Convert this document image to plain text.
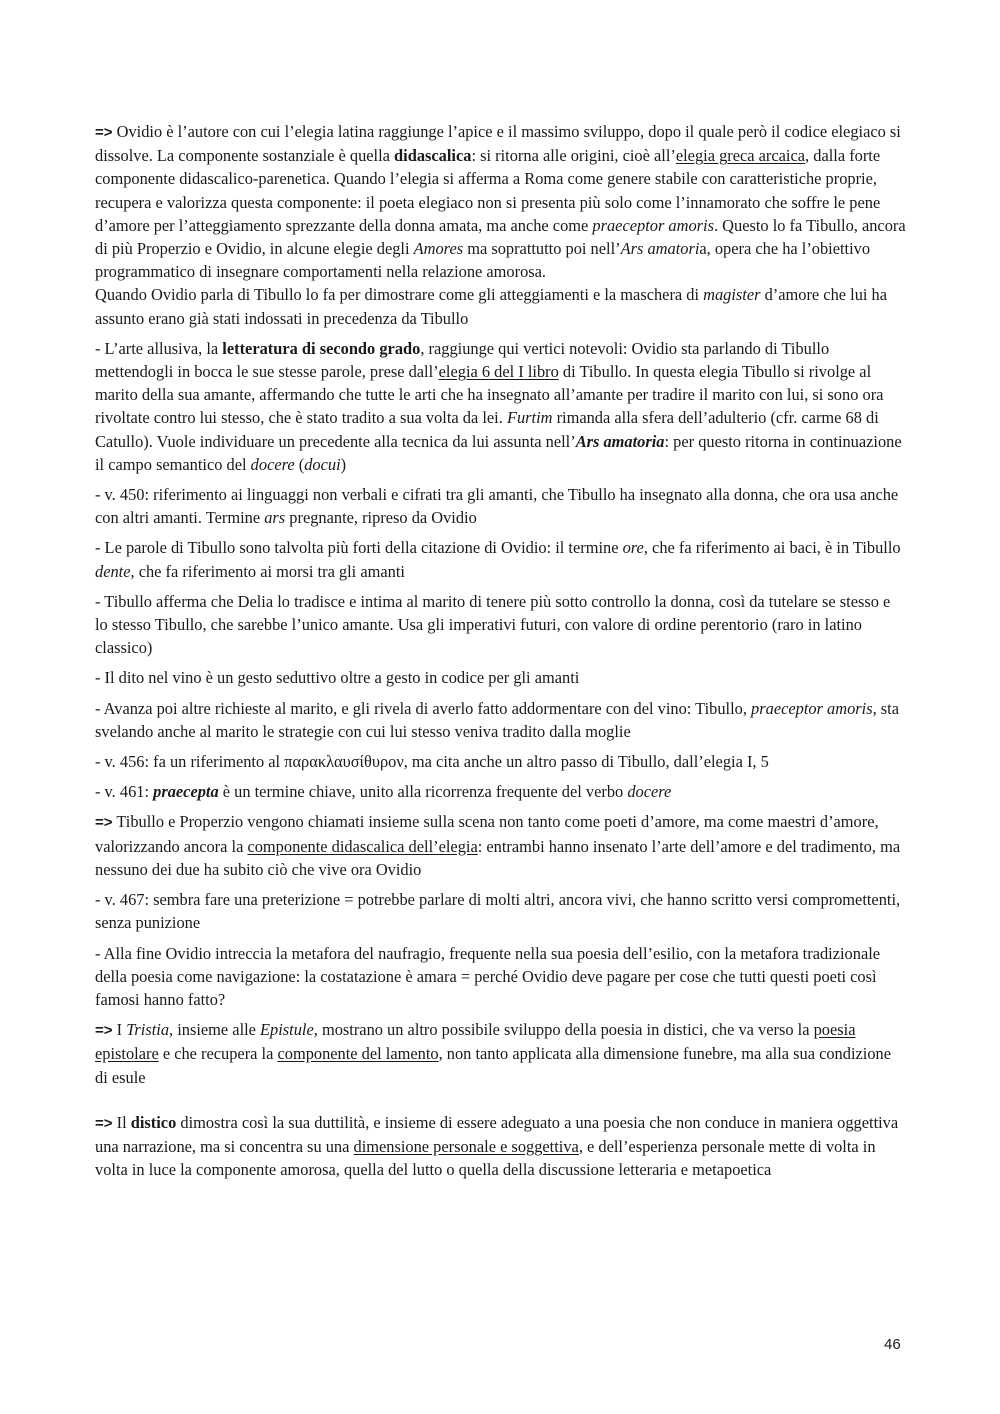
=> Ovidio è l’autore con cui l’elegia latina raggiunge l’apice e il massimo sviluppo, dopo il quale però il codice elegiaco si dissolve. La componente sostanziale è quella didascalica: si ritorna alle origini, cioè all’elegia greca arcaica, dalla forte componente didascalico-parenetica. Quando l’elegia si afferma a Roma come genere stabile con caratteristiche proprie, recupera e valorizza questa componente: il poeta elegiaco non si presenta più solo come l’innamorato che soffre le pene d’amore per l’atteggiamento sprezzante della donna amata, ma anche come praeceptor amoris. Questo lo fa Tibullo, ancora di più Properzio e Ovidio, in alcune elegie degli Amores ma soprattutto poi nell’Ars amatoria, opera che ha l’obiettivo programmatico di insegnare comportamenti nella relazione amorosa.
Quando Ovidio parla di Tibullo lo fa per dimostrare come gli atteggiamenti e la maschera di magister d’amore che lui ha assunto erano già stati indossati in precedenza da Tibullo
- L’arte allusiva, la letteratura di secondo grado, raggiunge qui vertici notevoli: Ovidio sta parlando di Tibullo mettendogli in bocca le sue stesse parole, prese dall’elegia 6 del I libro di Tibullo. In questa elegia Tibullo si rivolge al marito della sua amante, affermando che tutte le arti che ha insegnato all’amante per tradire il marito con lui, si sono ora rivoltate contro lui stesso, che è stato tradito a sua volta da lei. Furtim rimanda alla sfera dell’adulterio (cfr. carme 68 di Catullo). Vuole individuare un precedente alla tecnica da lui assunta nell’Ars amatoria: per questo ritorna in continuazione il campo semantico del docere (docui)
- v. 450: riferimento ai linguaggi non verbali e cifrati tra gli amanti, che Tibullo ha insegnato alla donna, che ora usa anche con altri amanti. Termine ars pregnante, ripreso da Ovidio
- Le parole di Tibullo sono talvolta più forti della citazione di Ovidio: il termine ore, che fa riferimento ai baci, è in Tibullo dente, che fa riferimento ai morsi tra gli amanti
- Tibullo afferma che Delia lo tradisce e intima al marito di tenere più sotto controllo la donna, così da tutelare se stesso e lo stesso Tibullo, che sarebbe l’unico amante. Usa gli imperativi futuri, con valore di ordine perentorio (raro in latino classico)
- Il dito nel vino è un gesto seduttivo oltre a gesto in codice per gli amanti
- Avanza poi altre richieste al marito, e gli rivela di averlo fatto addormentare con del vino: Tibullo, praeceptor amoris, sta svelando anche al marito le strategie con cui lui stesso veniva tradito dalla moglie
- v. 456: fa un riferimento al παρακλαυσίθυρον, ma cita anche un altro passo di Tibullo, dall’elegia I, 5
- v. 461: praecepta è un termine chiave, unito alla ricorrenza frequente del verbo docere
=> Tibullo e Properzio vengono chiamati insieme sulla scena non tanto come poeti d’amore, ma come maestri d’amore, valorizzando ancora la componente didascalica dell’elegia: entrambi hanno insenato l’arte dell’amore e del tradimento, ma nessuno dei due ha subito ciò che vive ora Ovidio
- v. 467: sembra fare una preterizione = potrebbe parlare di molti altri, ancora vivi, che hanno scritto versi compromettenti, senza punizione
- Alla fine Ovidio intreccia la metafora del naufragio, frequente nella sua poesia dell’esilio, con la metafora tradizionale della poesia come navigazione: la costatazione è amara = perché Ovidio deve pagare per cose che tutti questi poeti così famosi hanno fatto?
=> I Tristia, insieme alle Epistule, mostrano un altro possibile sviluppo della poesia in distici, che va verso la poesia epistolare e che recupera la componente del lamento, non tanto applicata alla dimensione funebre, ma alla sua condizione di esule
=> Il distico dimostra così la sua duttilità, e insieme di essere adeguato a una poesia che non conduce in maniera oggettiva una narrazione, ma si concentra su una dimensione personale e soggettiva, e dell’esperienza personale mette di volta in volta in luce la componente amorosa, quella del lutto o quella della discussione letteraria e metapoetica
46
